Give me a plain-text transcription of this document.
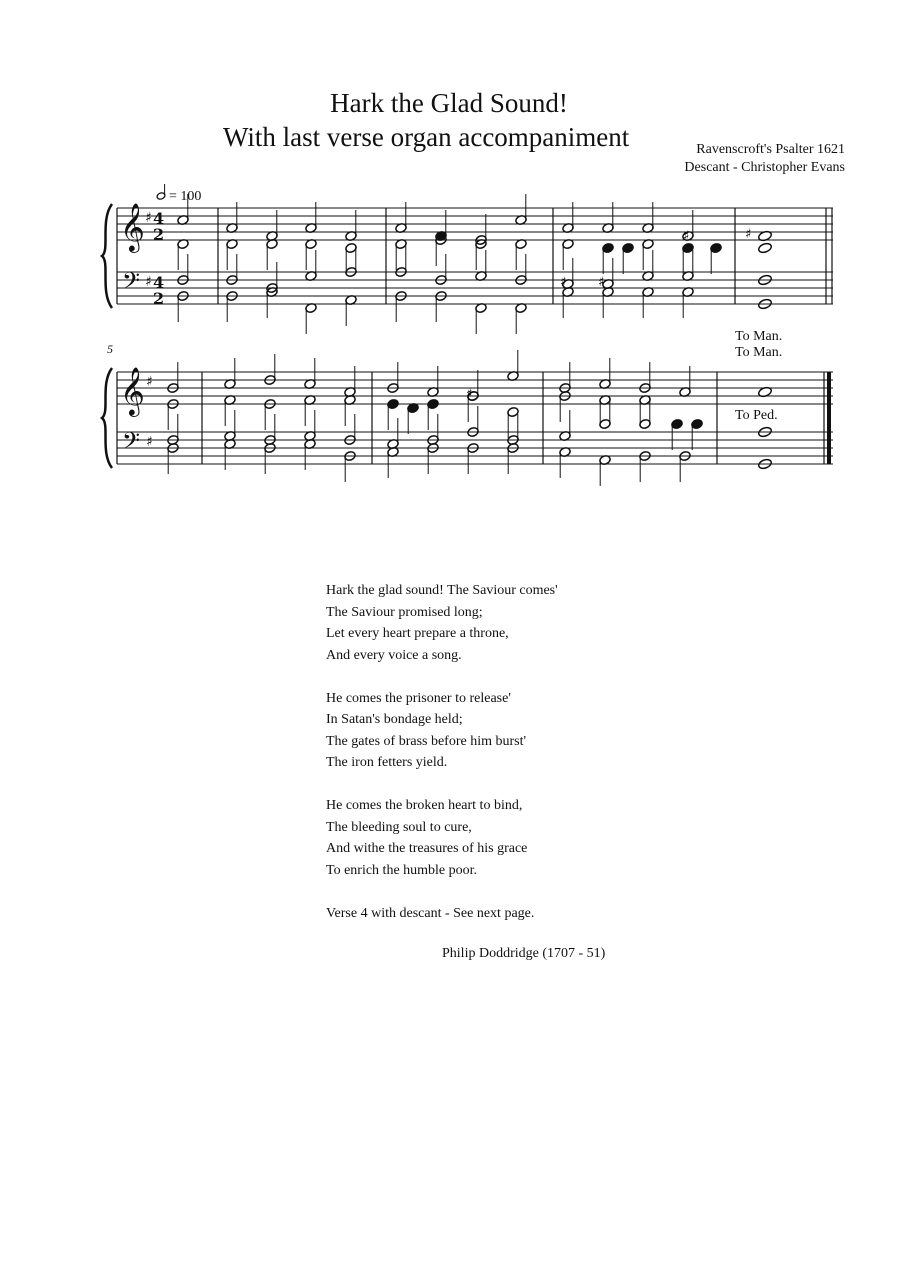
Hark the Glad Sound!
With last verse organ accompaniment	Ravenscroft's Psalter 1621
Descant - Christopher Evans
= 100
5
To Man.
To Man.
To Ped.
𝄞
𝄢
♯
♯
4
2
4
2
𝄞
𝄢
♯
♯
♯
♯
♯ ♯
♯
Hark the glad sound! The Saviour comes'
The Saviour promised long;
Let every heart prepare a throne,
And every voice a song.
He comes the prisoner to release'
In Satan's bondage held;
The gates of brass before him burst'
The iron fetters yield.
He comes the broken heart to bind,
The bleeding soul to cure,
And withe the treasures of his grace
To enrich the humble poor.
Verse 4 with descant - See next page.
Philip Doddridge (1707 - 51)
